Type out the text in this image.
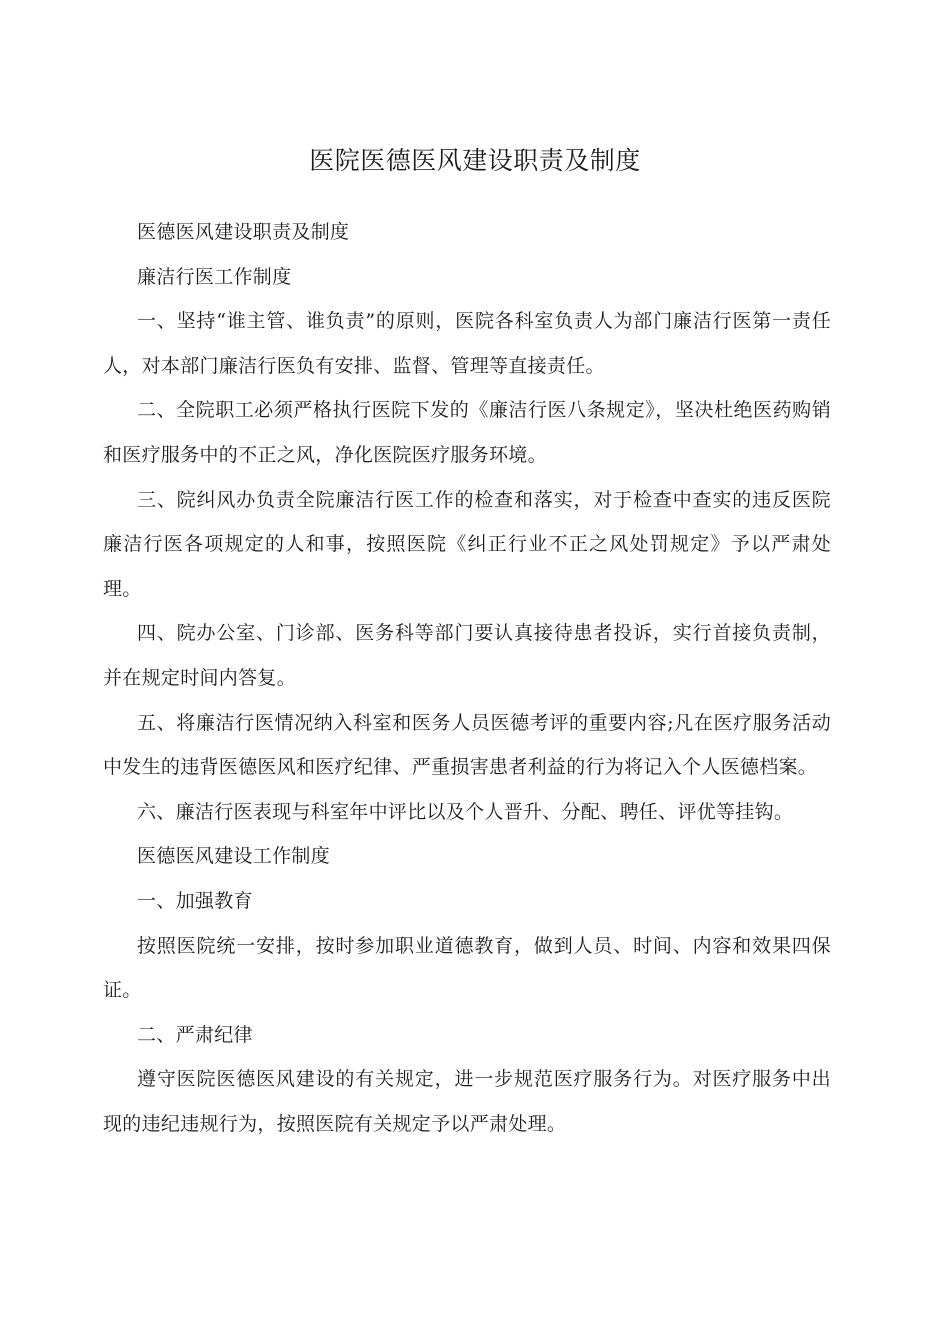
医院医德医风建设职责及制度

医德医风建设职责及制度

廉洁行医工作制度

一、坚持“谁主管、谁负责”的原则，医院各科室负责人为部门廉洁行医第一责任人，对本部门廉洁行医负有安排、监督、管理等直接责任。

二、全院职工必须严格执行医院下发的《廉洁行医八条规定》，坚决杜绝医药购销和医疗服务中的不正之风，净化医院医疗服务环境。

三、院纠风办负责全院廉洁行医工作的检查和落实，对于检查中查实的违反医院廉洁行医各项规定的人和事，按照医院《纠正行业不正之风处罚规定》予以严肃处理。

四、院办公室、门诊部、医务科等部门要认真接待患者投诉，实行首接负责制，并在规定时间内答复。

五、将廉洁行医情况纳入科室和医务人员医德考评的重要内容;凡在医疗服务活动中发生的违背医德医风和医疗纪律、严重损害患者利益的行为将记入个人医德档案。

六、廉洁行医表现与科室年中评比以及个人晋升、分配、聘任、评优等挂钩。

医德医风建设工作制度

一、加强教育

按照医院统一安排，按时参加职业道德教育，做到人员、时间、内容和效果四保证。

二、严肃纪律

遵守医院医德医风建设的有关规定，进一步规范医疗服务行为。对医疗服务中出现的违纪违规行为，按照医院有关规定予以严肃处理。
